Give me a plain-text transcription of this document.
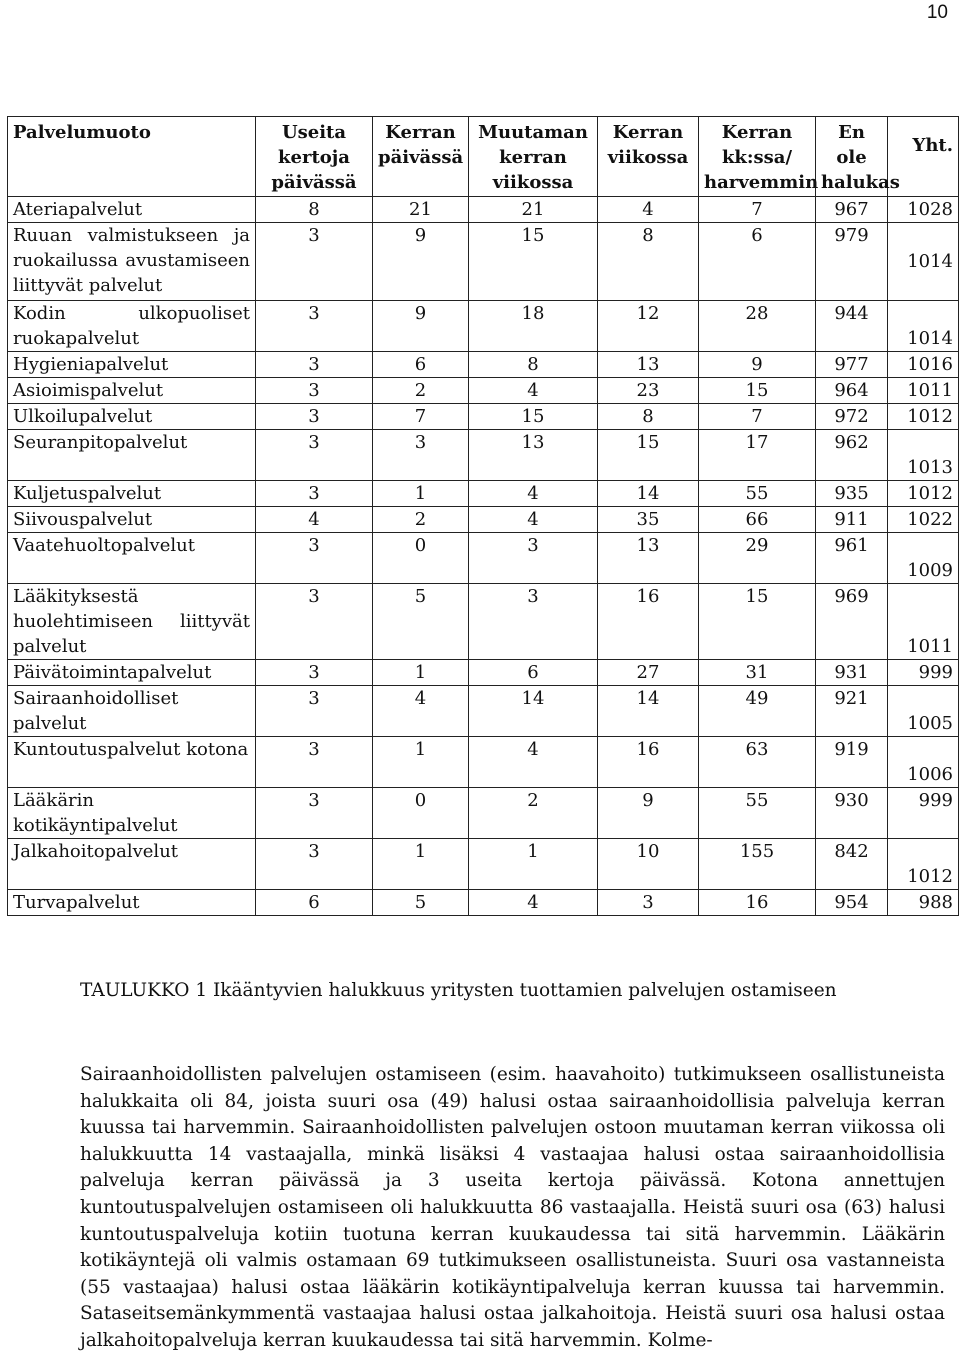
10
Palvelumuoto	Useita kertoja päivässä	Kerran päivässä	Muutaman kerran viikossa	Kerran viikossa	Kerran kk:ssa/ harvemmin	En ole halukas	Yht.
Ateriapalvelut	8	21	21	4	7	967	1028
Ruuan valmistukseen ja ruokailussa avustamiseen liittyvät palvelut	3	9	15	8	6	979	1014
Kodin ulkopuoliset ruokapalvelut	3	9	18	12	28	944	1014
Hygieniapalvelut	3	6	8	13	9	977	1016
Asioimispalvelut	3	2	4	23	15	964	1011
Ulkoilupalvelut	3	7	15	8	7	972	1012
Seuranpitopalvelut	3	3	13	15	17	962	1013
Kuljetuspalvelut	3	1	4	14	55	935	1012
Siivouspalvelut	4	2	4	35	66	911	1022
Vaatehuoltopalvelut	3	0	3	13	29	961	1009
Lääkityksestä huolehtimiseen liittyvät palvelut	3	5	3	16	15	969	1011
Päivätoimintapalvelut	3	1	6	27	31	931	999
Sairaanhoidolliset palvelut	3	4	14	14	49	921	1005
Kuntoutuspalvelut kotona	3	1	4	16	63	919	1006
Lääkärin kotikäyntipalvelut	3	0	2	9	55	930	999
Jalkahoitopalvelut	3	1	1	10	155	842	1012
Turvapalvelut	6	5	4	3	16	954	988
TAULUKKO 1 Ikääntyvien halukkuus yritysten tuottamien palvelujen ostamiseen

Sairaanhoidollisten palvelujen ostamiseen (esim. haavahoito) tutkimukseen osallistuneista halukkaita oli 84, joista suuri osa (49) halusi ostaa sairaanhoidollisia palveluja kerran kuussa tai harvemmin. Sairaanhoidollisten palvelujen ostoon muutaman kerran viikossa oli halukkuutta 14 vastaajalla, minkä lisäksi 4 vastaajaa halusi ostaa sairaanhoidollisia palveluja kerran päivässä ja 3 useita kertoja päivässä. Kotona annettujen kuntoutuspalvelujen ostamiseen oli halukkuutta 86 vastaajalla. Heistä suuri osa (63) halusi kuntoutuspalveluja kotiin tuotuna kerran kuukaudessa tai sitä harvemmin. Lääkärin kotikäyntejä oli valmis ostamaan 69 tutkimukseen osallistuneista. Suuri osa vastanneista (55 vastaajaa) halusi ostaa lääkärin kotikäyntipalveluja kerran kuussa tai harvemmin. Sataseitsemänkymmentä vastaajaa halusi ostaa jalkahoitoja. Heistä suuri osa halusi ostaa jalkahoitopalveluja kerran kuukaudessa tai sitä harvemmin. Kolme-
